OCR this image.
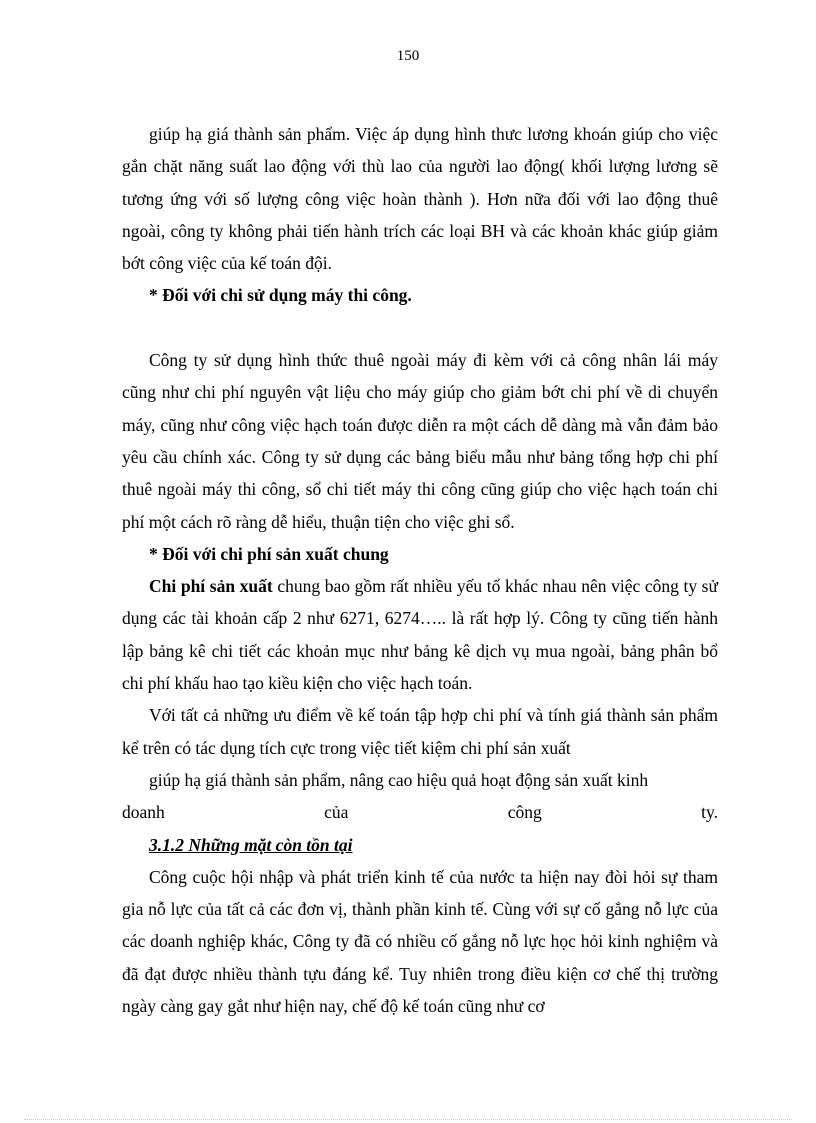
150

giúp hạ giá thành sản phẩm. Việc áp dụng hình thưc lương khoán giúp cho việc gắn chặt năng suất lao động với thù lao của người lao động( khối lượng lương sẽ tương ứng với số lượng công việc hoàn thành ). Hơn nữa đối với lao động thuê ngoài, công ty không phải tiến hành trích các loại BH và các khoản khác giúp giảm bớt công việc của kế toán đội.

* Đối với chi sử dụng máy thi công.

Công ty sử dụng hình thức thuê ngoài máy đi kèm với cả công nhân lái máy cũng như chi phí nguyên vật liệu cho máy giúp cho giảm bớt chi phí về di chuyển máy, cũng như công việc hạch toán được diễn ra một cách dễ dàng mà vẫn đảm bảo yêu cầu chính xác. Công ty sử dụng các bảng biểu mẫu như bảng tổng hợp chi phí thuê ngoài máy thi công, sổ chi tiết máy thi công cũng giúp cho việc hạch toán chi phí một cách rõ ràng dễ hiểu, thuận tiện cho việc ghi sổ.

* Đối với chi phí sản xuất chung

Chi phí sản xuất chung bao gồm rất nhiều yếu tố khác nhau nên việc công ty sử dụng các tài khoản cấp 2 như 6271, 6274….. là rất hợp lý. Công ty cũng tiến hành lập bảng kê chi tiết các khoản mục như bảng kê dịch vụ mua ngoài, bảng phân bổ chi phí khấu hao tạo kiều kiện cho việc hạch toán.

Với tất cả những ưu điểm về kế toán tập hợp chi phí và tính giá thành sản phẩm kể trên có tác dụng tích cực trong việc tiết kiệm chi phí sản xuất

giúp hạ giá thành sản phẩm, nâng cao hiệu quả hoạt động sản xuất kinh

doanh	của	công	ty.

3.1.2 Những mặt còn tồn tại

Công cuộc hội nhập và phát triển kinh tế của nước ta hiện nay đòi hỏi sự tham gia nỗ lực của tất cả các đơn vị, thành phần kinh tế. Cùng với sự cố gắng nỗ lực của các doanh nghiệp khác, Công ty đã có nhiều cố gắng nỗ lực học hỏi kinh nghiệm và đã đạt được nhiều thành tựu đáng kể. Tuy nhiên trong điều kiện cơ chế thị trường ngày càng gay gắt như hiện nay, chế độ kế toán cũng như cơ
